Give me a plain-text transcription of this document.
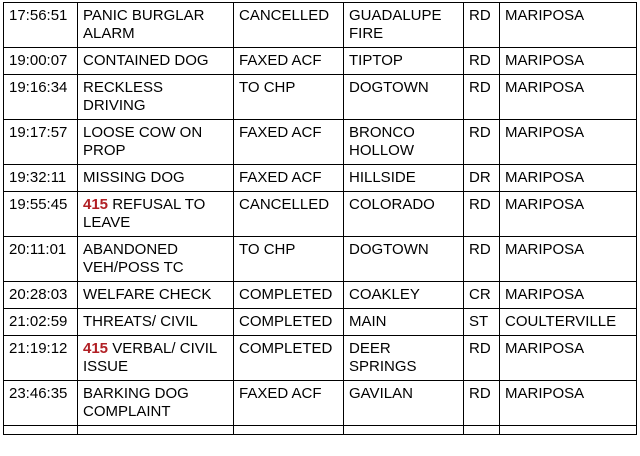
17:56:51	PANIC BURGLAR ALARM	CANCELLED	GUADALUPE FIRE	RD	MARIPOSA
19:00:07	CONTAINED DOG	FAXED ACF	TIPTOP	RD	MARIPOSA
19:16:34	RECKLESS DRIVING	TO CHP	DOGTOWN	RD	MARIPOSA
19:17:57	LOOSE COW ON PROP	FAXED ACF	BRONCO HOLLOW	RD	MARIPOSA
19:32:11	MISSING DOG	FAXED ACF	HILLSIDE	DR	MARIPOSA
19:55:45	415 REFUSAL TO LEAVE	CANCELLED	COLORADO	RD	MARIPOSA
20:11:01	ABANDONED VEH/POSS TC	TO CHP	DOGTOWN	RD	MARIPOSA
20:28:03	WELFARE CHECK	COMPLETED	COAKLEY	CR	MARIPOSA
21:02:59	THREATS/ CIVIL	COMPLETED	MAIN	ST	COULTERVILLE
21:19:12	415 VERBAL/ CIVIL ISSUE	COMPLETED	DEER SPRINGS	RD	MARIPOSA
23:46:35	BARKING DOG COMPLAINT	FAXED ACF	GAVILAN	RD	MARIPOSA
